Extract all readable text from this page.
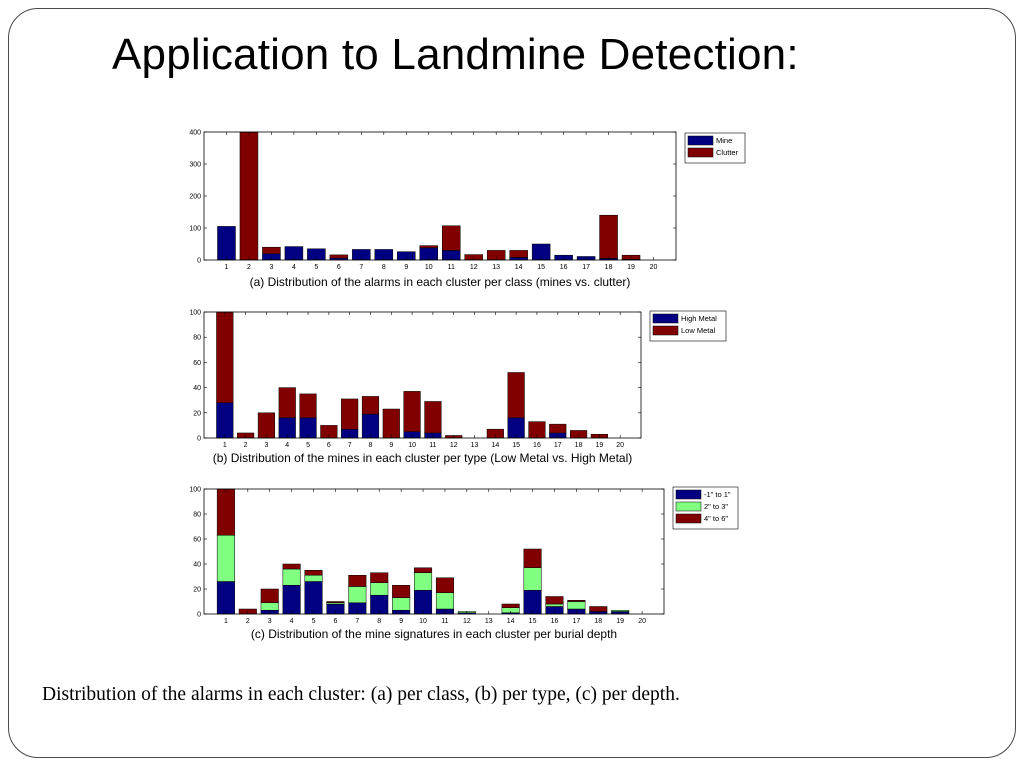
Application to Landmine Detection:
1	2	3	4	5	6	7	8	9 10 11 12 13 14 15 16 17 18 19 20
0
100
200
300
400
(a) Distribution of the alarms in each cluster per class (mines vs. clutter)
Mine
Clutter
1 2 3 4 5 6 7 8 9 10 11 12 13 14 15 16 17 18 19 20
0
20
40
60
80
100
(b) Distribution of the mines in each cluster per type (Low Metal vs. High Metal)
High Metal
Low Metal
1	2	3	4	5	6	7	8	9 10 11 12 13 14 15 16 17 18 19 20
0
20
40
60
80
100
(c) Distribution of the mine signatures in each cluster per burial depth
-1" to 1"
2" to 3"
4" to 6"
Distribution of the alarms in each cluster: (a) per class, (b) per type, (c) per depth.
